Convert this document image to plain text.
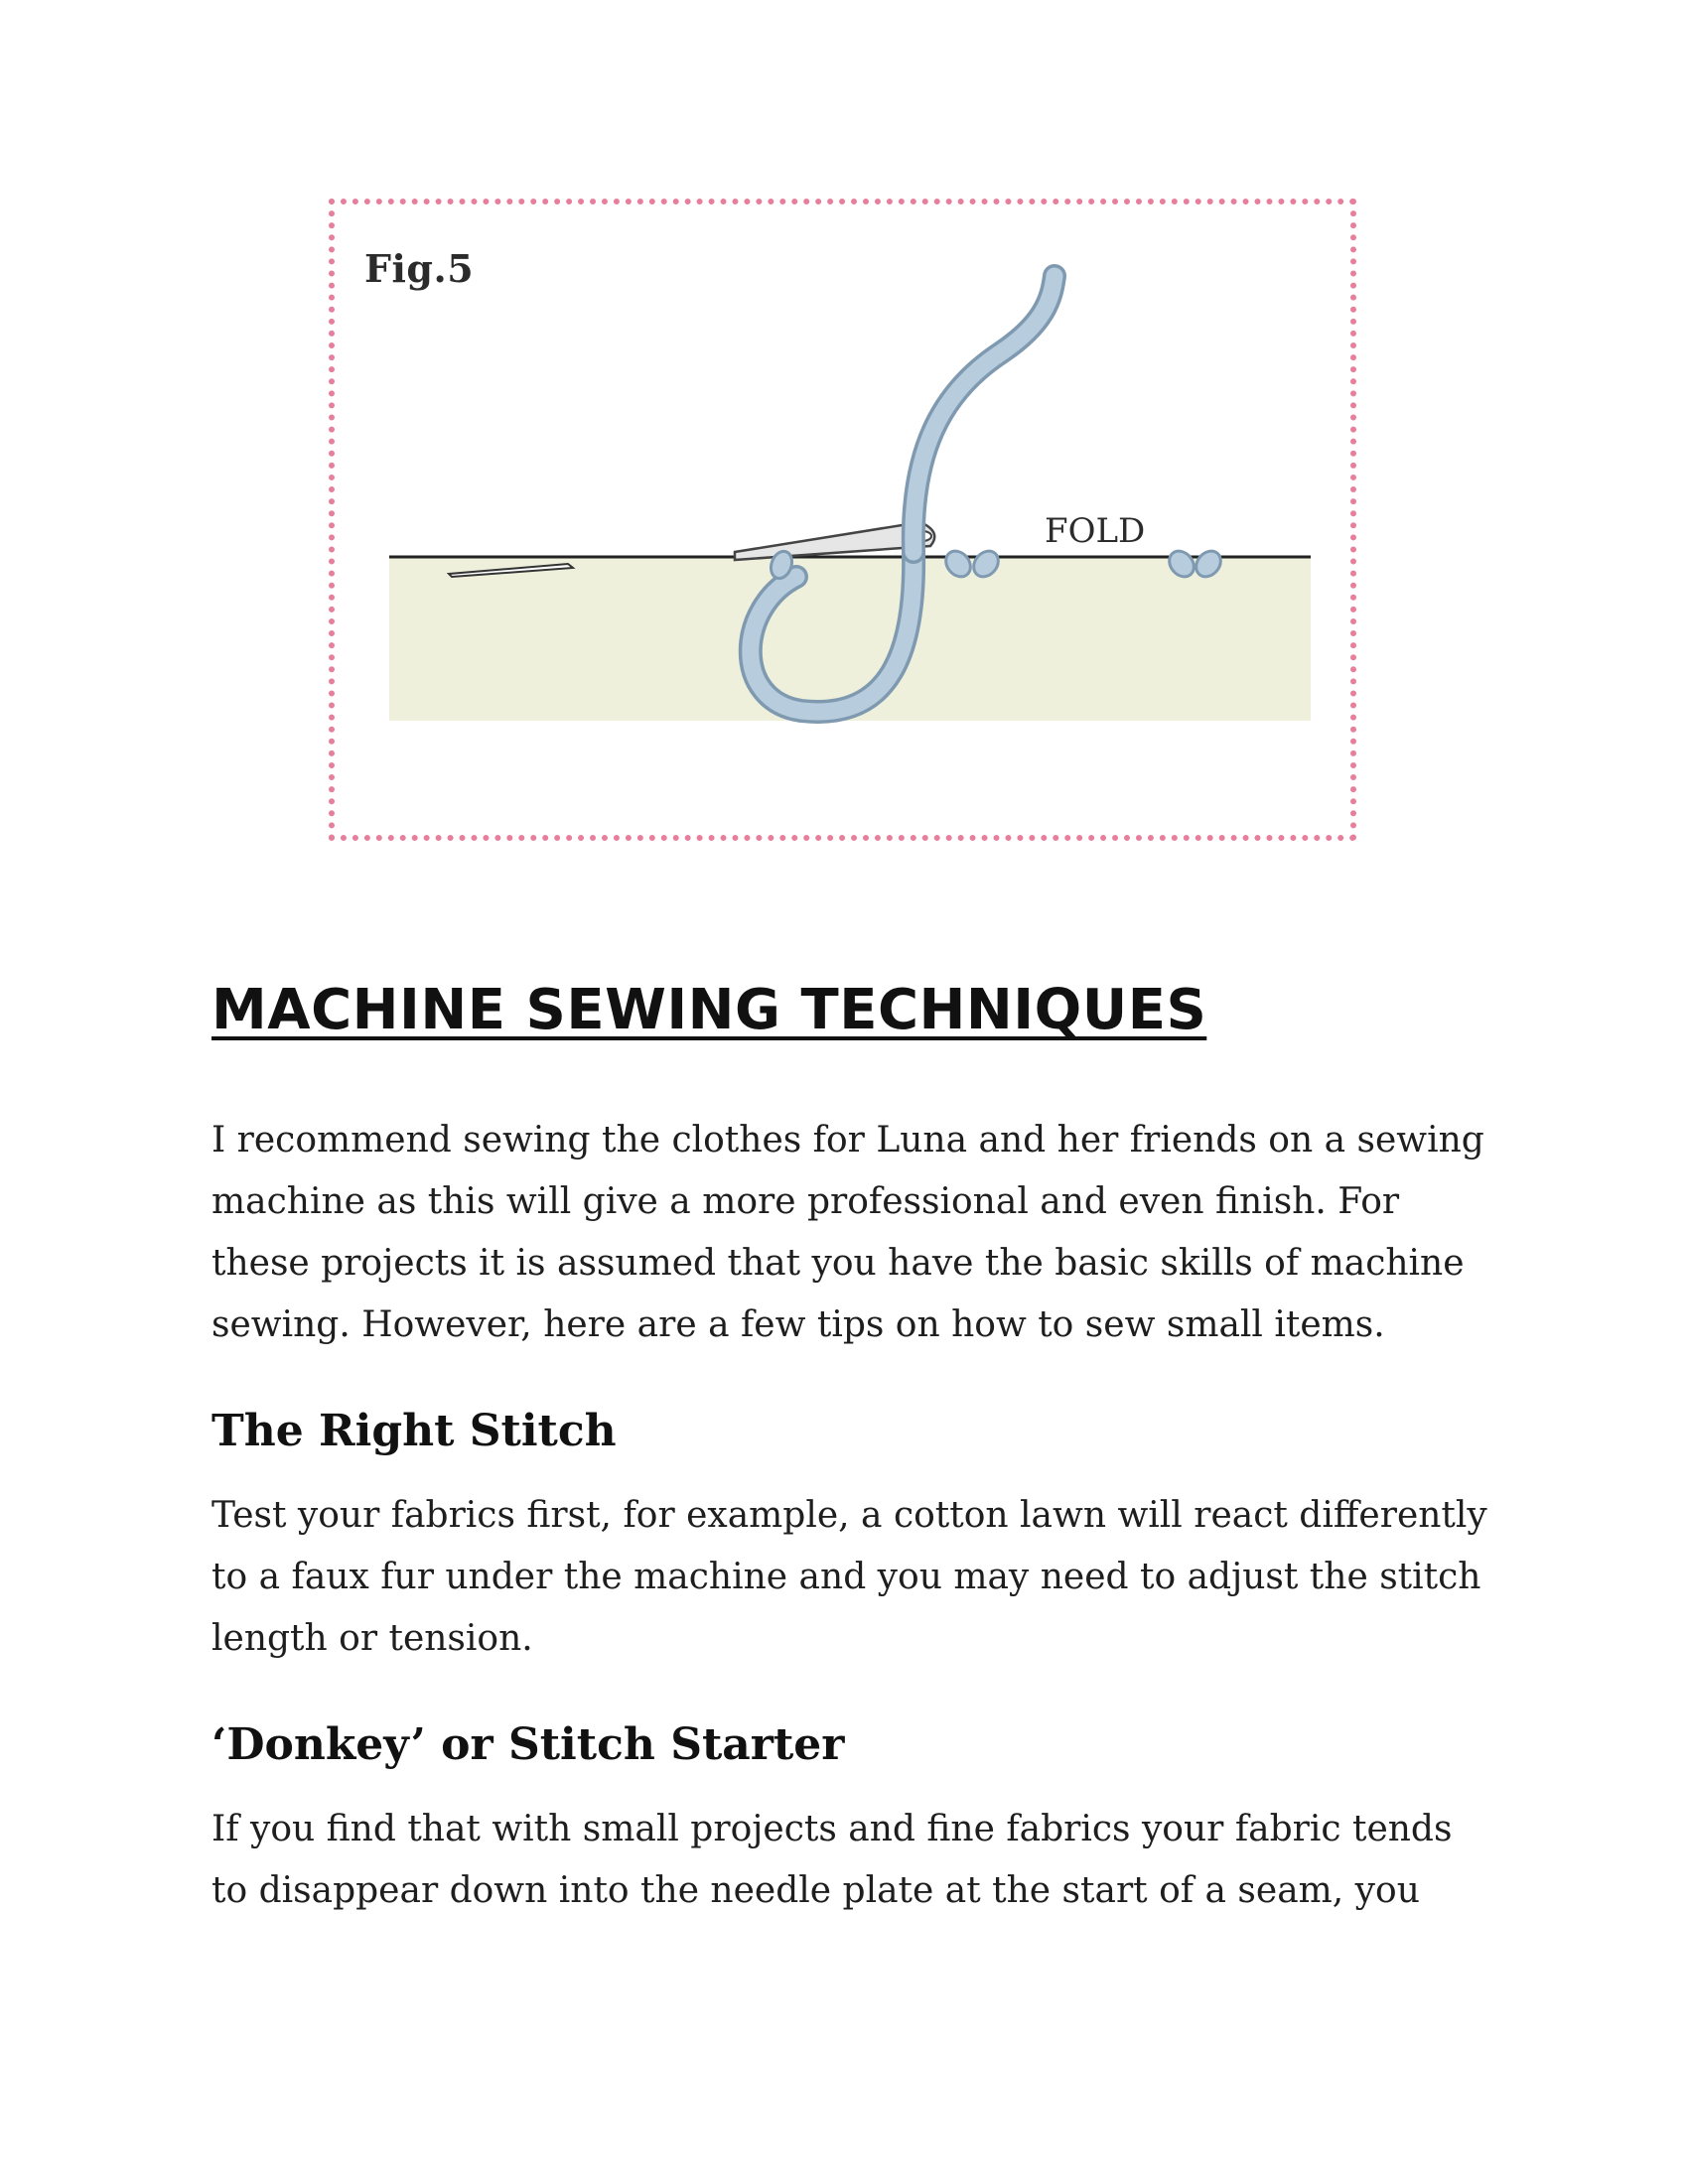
Fig.5
FOLD
MACHINE SEWING TECHNIQUES

I recommend sewing the clothes for Luna and her friends on a sewing machine as this will give a more professional and even finish. For these projects it is assumed that you have the basic skills of machine sewing. However, here are a few tips on how to sew small items.

The Right Stitch

Test your fabrics first, for example, a cotton lawn will react differently to a faux fur under the machine and you may need to adjust the stitch length or tension.

‘Donkey’ or Stitch Starter

If you find that with small projects and fine fabrics your fabric tends to disappear down into the needle plate at the start of a seam, you
